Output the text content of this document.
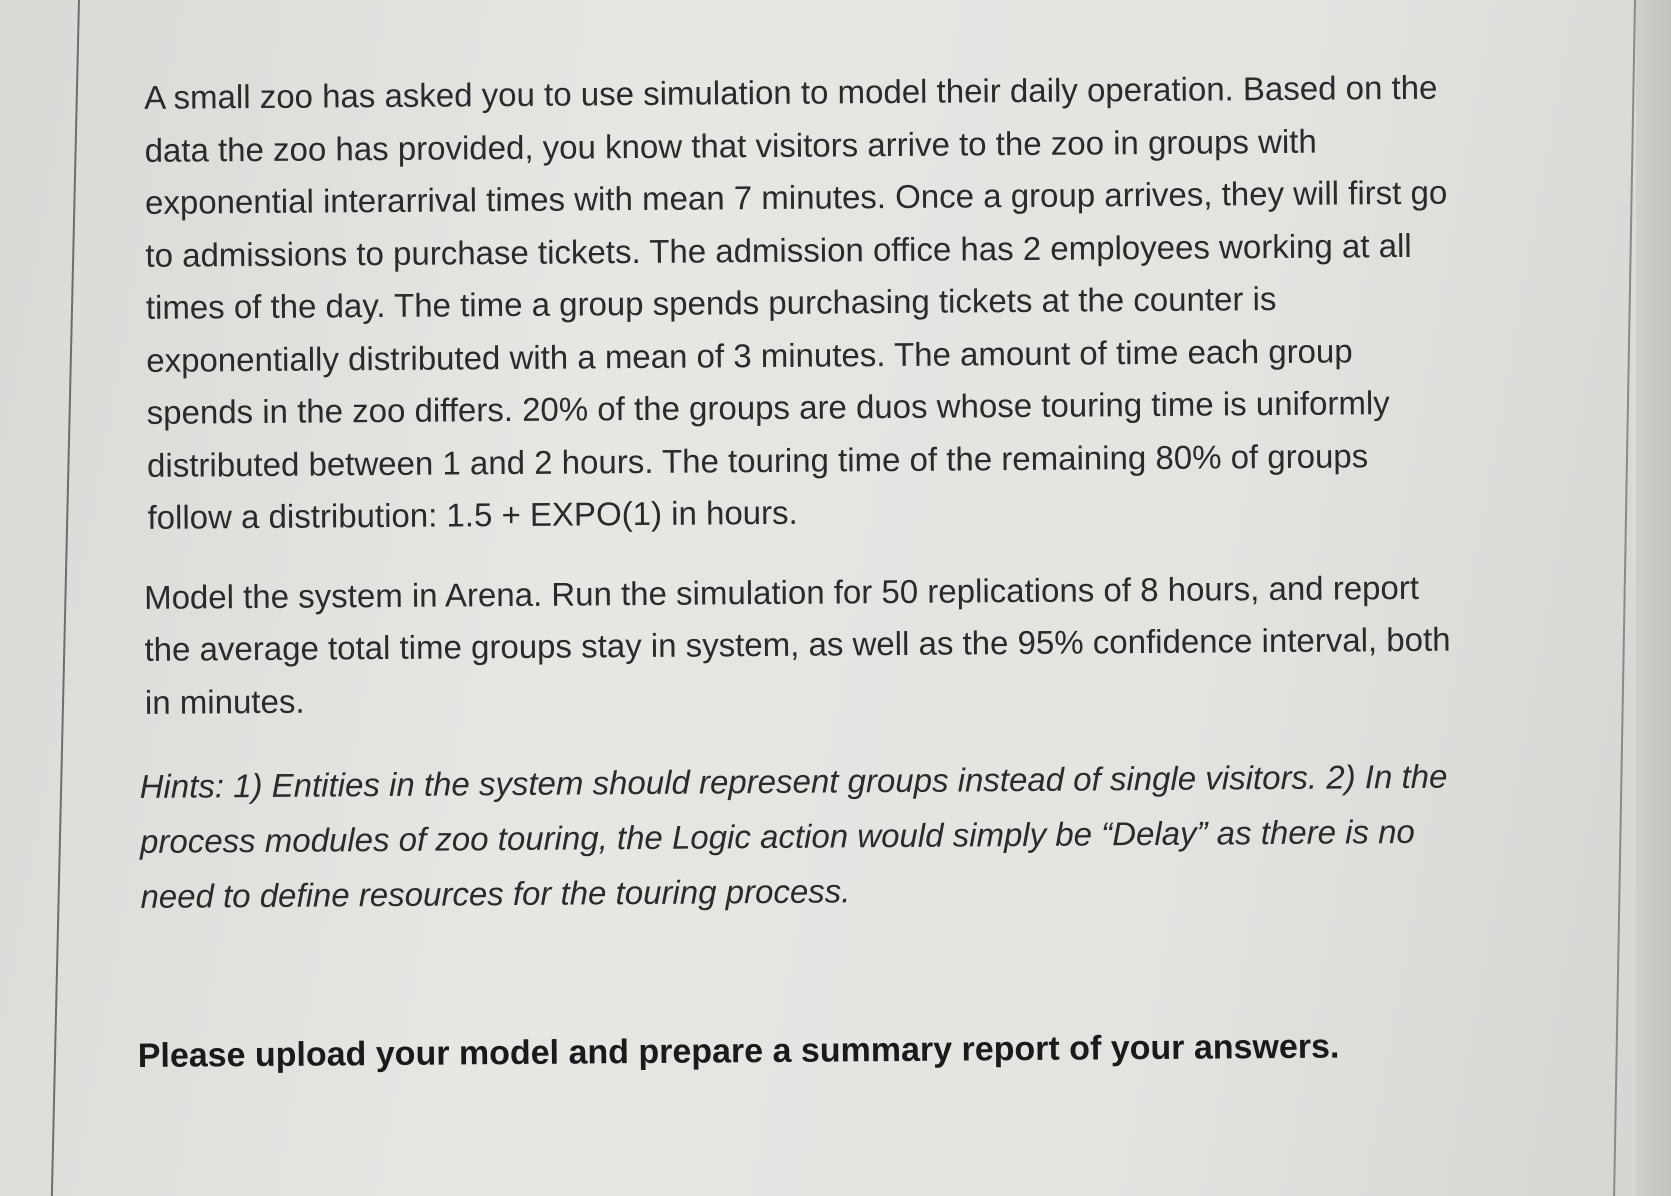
A small zoo has asked you to use simulation to model their daily operation. Based on the
data the zoo has provided, you know that visitors arrive to the zoo in groups with
exponential interarrival times with mean 7 minutes. Once a group arrives, they will first go
to admissions to purchase tickets. The admission office has 2 employees working at all
times of the day. The time a group spends purchasing tickets at the counter is
exponentially distributed with a mean of 3 minutes. The amount of time each group
spends in the zoo differs. 20% of the groups are duos whose touring time is uniformly
distributed between 1 and 2 hours. The touring time of the remaining 80% of groups
follow a distribution: 1.5 + EXPO(1) in hours.

Model the system in Arena. Run the simulation for 50 replications of 8 hours, and report
the average total time groups stay in system, as well as the 95% confidence interval, both
in minutes.

Hints: 1) Entities in the system should represent groups instead of single visitors. 2) In the
process modules of zoo touring, the Logic action would simply be “Delay” as there is no
need to define resources for the touring process.

Please upload your model and prepare a summary report of your answers.
